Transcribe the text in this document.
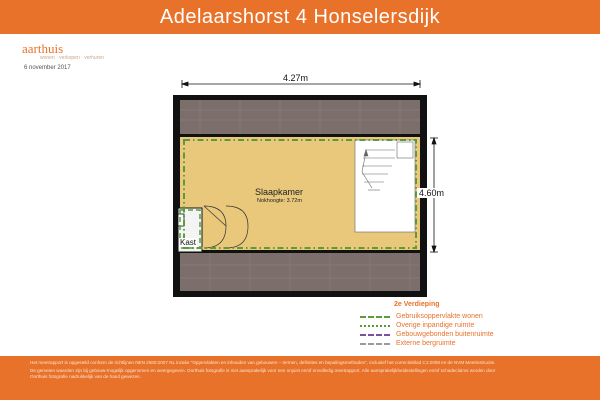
Adelaarshorst 4 Honselersdijk
aarthuis
wonen · verkopen · verhuren
6 november 2017
4.27m
4.60m
Slaapkamer
Nokhoogte: 3.72m
Kast
2e Verdieping
Gebruiksoppervlakte wonen
Overige inpandige ruimte
Gebouwgebonden buitenruimte
Externe bergruimte

Het meetrapport is opgesteld conform de richtlijnen NEN 2580:2007 NL inzake "Oppervlakten en inhouden van gebouwen – termen, definities en bepalingsmethoden", inclusief het correctieblad C1:2008 en de NVM Meetinstructie.

De gemeten waarden zijn bij gebouw-mogelijk opgenomen en weergegeven. Oorthuis fotografie is niet aansprakelijk voor een onjuist en/of onvolledig meetrapport. Alle aansprakelijkheidsstellingen en/of schadeclaims worden door Oorthuis fotografie nadrukkelijk van de hand gewezen.
